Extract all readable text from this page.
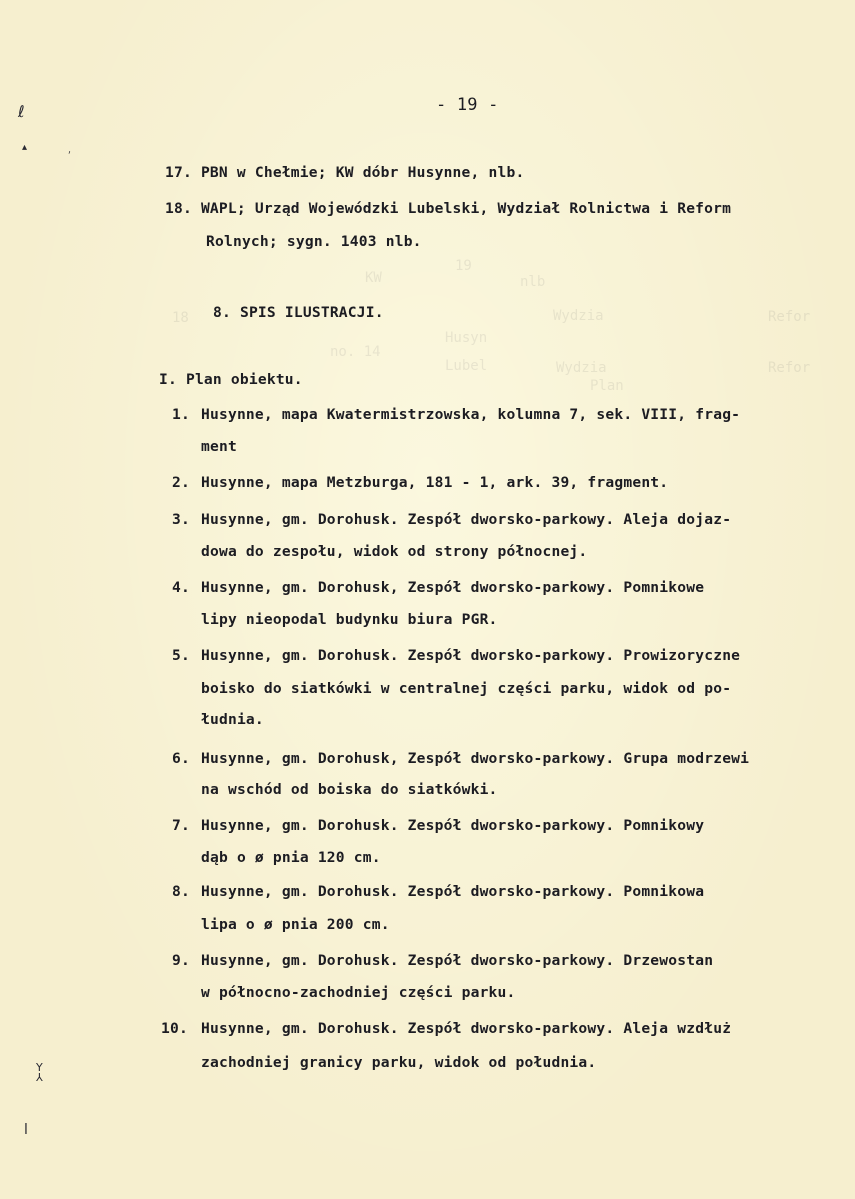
19
KW	nlb
18	Wydzia	Refor
Husyn
no. 14
Lubel	Wydzia	Refor
Plan
ℓ
▴
ˊ
Y
⅄
l
- 19 -
17. PBN w Chełmie; KW dóbr Husynne, nlb.
18. WAPL; Urząd Wojewódzki Lubelski, Wydział Rolnictwa i Reform
Rolnych; sygn. 1403 nlb.
8. SPIS ILUSTRACJI.
I. Plan obiektu.
1. Husynne, mapa Kwatermistrzowska, kolumna 7, sek. VIII, frag-
ment
2. Husynne, mapa Metzburga, 181 - 1, ark. 39, fragment.
3. Husynne, gm. Dorohusk. Zespół dworsko-parkowy. Aleja dojaz-
dowa do zespołu, widok od strony północnej.
4. Husynne, gm. Dorohusk, Zespół dworsko-parkowy. Pomnikowe
lipy nieopodal budynku biura PGR.
5. Husynne, gm. Dorohusk. Zespół dworsko-parkowy. Prowizoryczne
boisko do siatkówki w centralnej części parku, widok od po-
łudnia.
6. Husynne, gm. Dorohusk, Zespół dworsko-parkowy. Grupa modrzewi
na wschód od boiska do siatkówki.
7. Husynne, gm. Dorohusk. Zespół dworsko-parkowy. Pomnikowy
dąb o ø pnia 120 cm.
8. Husynne, gm. Dorohusk. Zespół dworsko-parkowy. Pomnikowa
lipa o ø pnia 200 cm.
9. Husynne, gm. Dorohusk. Zespół dworsko-parkowy. Drzewostan
w północno-zachodniej części parku.
10. Husynne, gm. Dorohusk. Zespół dworsko-parkowy. Aleja wzdłuż
zachodniej granicy parku, widok od południa.
